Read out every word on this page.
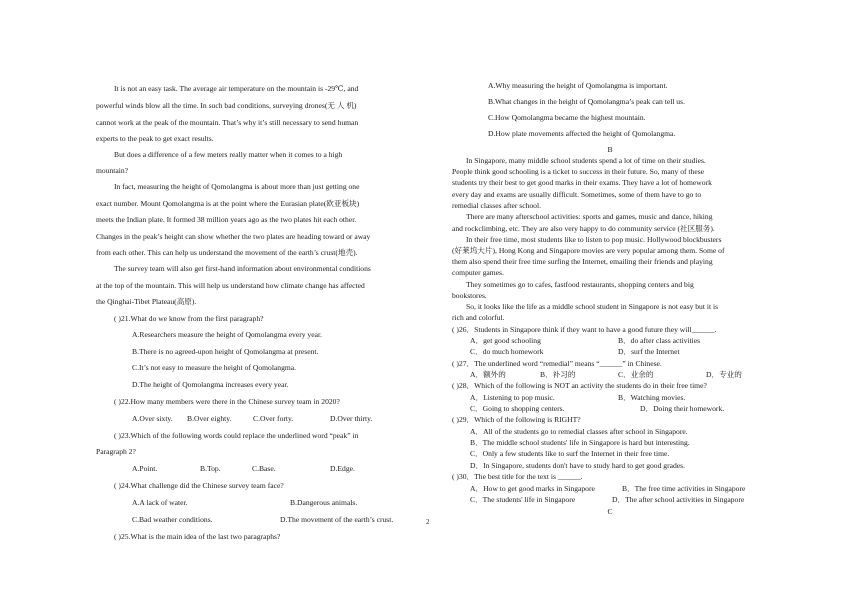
It is not an easy task. The average air temperature on the mountain is -29℃, and
powerful winds blow all the time. In such bad conditions, surveying drones(无 人 机)
cannot work at the peak of the mountain. That’s why it’s still necessary to send human
experts to the peak to get exact results.
But does a difference of a few meters really matter when it comes to a high
mountain?
In fact, measuring the height of Qomolangma is about more than just getting one
exact number. Mount Qomolangma is at the point where the Eurasian plate(欧亚板块)
meets the Indian plate. It formed 38 million years ago as the two plates hit each other.
Changes in the peak’s height can show whether the two plates are heading toward or away
from each other. This can help us understand the movement of the earth’s crust(地壳).
The survey team will also get first-hand information about environmental conditions
at the top of the mountain. This will help us understand how climate change has affected
the Qinghai-Tibet Plateau(高原).
( )21.What do we know from the first paragraph?
A.Researchers measure the height of Qomolangma every year.
B.There is no agreed-upon height of Qomolangma at present.
C.It’s not easy to measure the height of Qomolangma.
D.The height of Qomolangma increases every year.
( )22.How many members were there in the Chinese survey team in 2020?
A.Over sixty. B.Over eighty.	C.Over forty.	D.Over thirty.
( )23.Which of the following words could replace the underlined word “peak” in
Paragraph 2?
A.Point.	B.Top.	C.Base.	D.Edge.
( )24.What challenge did the Chinese survey team face?
A.A lack of water.	B.Dangerous animals.
C.Bad weather conditions.	D.The movement of the earth’s crust.
( )25.What is the main idea of the last two paragraphs?
2
A.Why measuring the height of Qomolangma is important.
B.What changes in the height of Qomolangma’s peak can tell us.
C.How Qomolangma became the highest mountain.
D.How plate movements affected the height of Qomolangma.
B
In Singapore, many middle school students spend a lot of time on their studies.
People think good schooling is a ticket to success in their future. So, many of these
students try their best to get good marks in their exams. They have a lot of homework
every day and exams are usually difficult. Sometimes, some of them have to go to
remedial classes after school.
There are many afterschool activities: sports and games, music and dance, hiking
and rockclimbing, etc. They are also very happy to do community service (社区服务).
In their free time, most students like to listen to pop music. Hollywood blockbusters
(好莱坞大片), Hong Kong and Singapore movies are very popular among them. Some of
them also spend their free time surfing the Internet, emailing their friends and playing
computer games.
They sometimes go to cafes, fastfood restaurants, shopping centers and big
bookstores.
So, it looks like the life as a middle school student in Singapore is not easy but it is
rich and colorful.
( )26．Students in Singapore think if they want to have a good future they will______.
A．get good schooling	B．do after class activities
C．do much homework	D．surf the Internet
( )27．The underlined word “remedial” means “______” in Chinese.
A．额外的	B．补习的	C．业余的	D．专业的
( )28．Which of the following is NOT an activity the students do in their free time?
A．Listening to pop music.	B．Watching movies.
C．Going to shopping centers.	D．Doing their homework.
( )29．Which of the following is RIGHT?
A．All of the students go to remedial classes after school in Singapore.
B．The middle school students' life in Singapore is hard but interesting.
C．Only a few students like to surf the Internet in their free time.
D．In Singapore, students don't have to study hard to get good grades.
( )30．The best title for the text is ______.
A．How to get good marks in Singapore	B．The free time activities in Singapore
C．The students' life in Singapore	D．The after school activities in Singapore
C
